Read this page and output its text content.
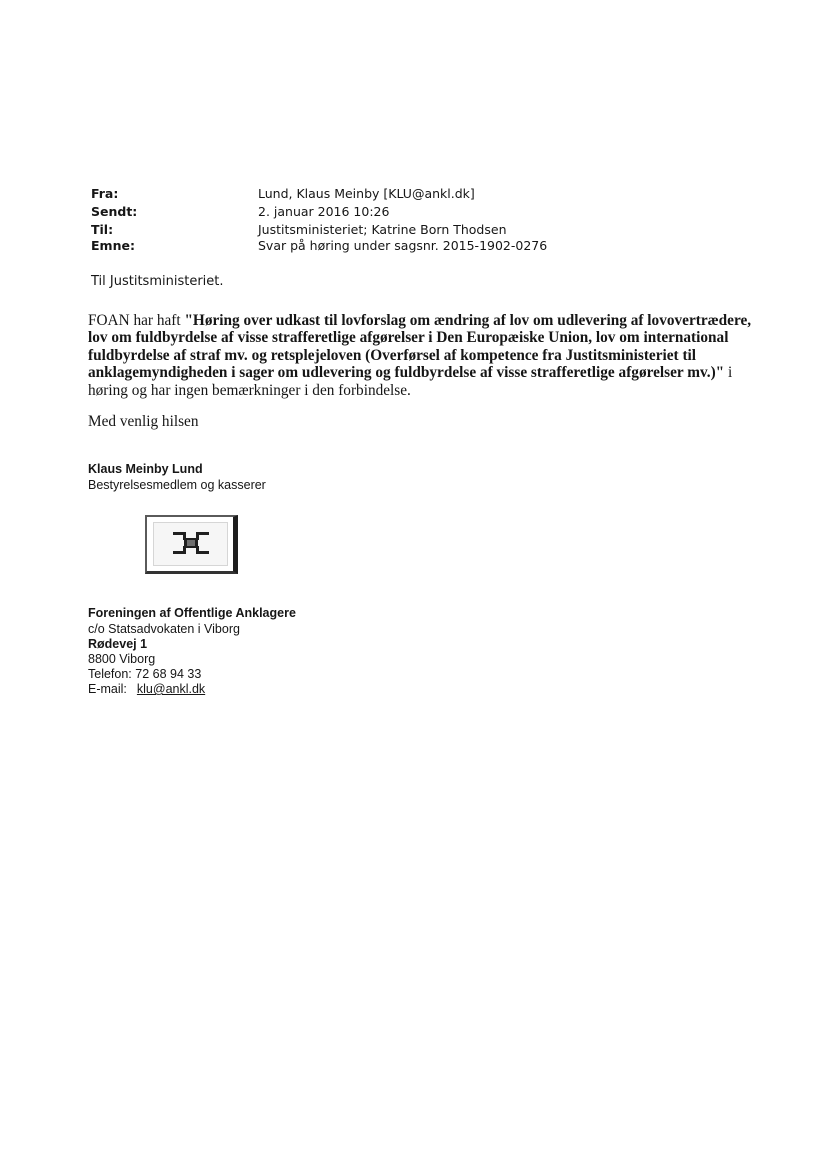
Fra:	Lund, Klaus Meinby [KLU@ankl.dk]
Sendt:	2. januar 2016 10:26
Til:	Justitsministeriet; Katrine Born Thodsen
Emne:	Svar på høring under sagsnr. 2015-1902-0276
Til Justitsministeriet.
FOAN har haft "Høring over udkast til lovforslag om ændring af lov om udlevering af lovovertrædere, lov om fuldbyrdelse af visse strafferetlige afgørelser i Den Europæiske Union, lov om international fuldbyrdelse af straf mv. og retsplejeloven (Overførsel af kompetence fra Justitsministeriet til anklagemyndigheden i sager om udlevering og fuldbyrdelse af visse strafferetlige afgørelser mv.)" i høring og har ingen bemærkninger i den forbindelse.
Med venlig hilsen
Klaus Meinby Lund
Bestyrelsesmedlem og kasserer
Foreningen af Offentlige Anklagere
c/o Statsadvokaten i Viborg
Rødevej 1
8800 Viborg
Telefon: 72 68 94 33
E-mail: klu@ankl.dk
